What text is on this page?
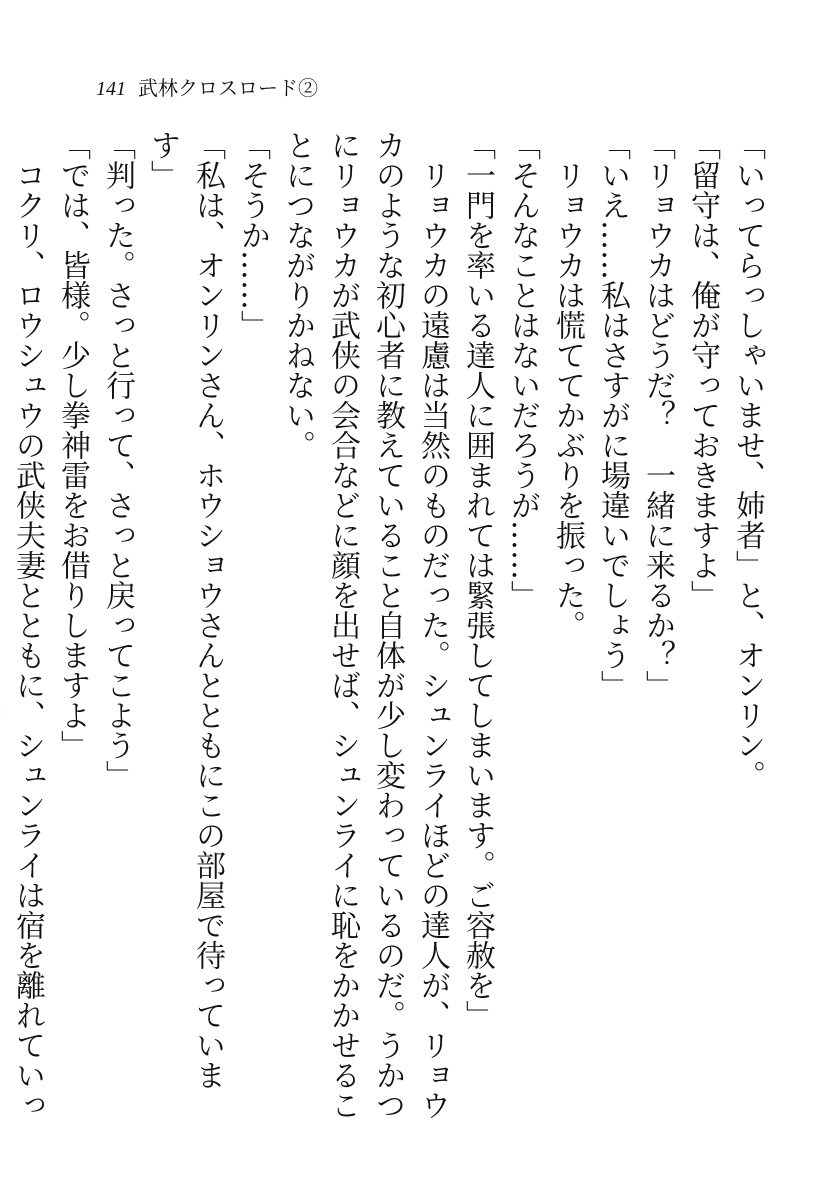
141 武林クロスロード②

「いってらっしゃいませ、姉者」と、オンリン。

「留守は、俺が守っておきますよ」

「リョウカはどうだ？　一緒に来るか？」

「いえ……私はさすがに場違いでしょう」

リョウカは慌ててかぶりを振った。

「そんなことはないだろうが……」

「一門を率いる達人に囲まれては緊張してしまいます。ご容赦を」

リョウカの遠慮は当然のものだった。シュンライほどの達人が、リョウカのような初心者に教えていること自体が少し変わっているのだ。うかつにリョウカが武侠の会合などに顔を出せば、シュンライに恥をかかせることにつながりかねない。

「そうか……」

「私は、オンリンさん、ホウショウさんとともにこの部屋で待っています」

「判った。さっと行って、さっと戻ってこよう」

「では、皆様。少し拳神雷をお借りしますよ」

コクリ、ロウシュウの武侠夫妻とともに、シュンライは宿を離れていっ
